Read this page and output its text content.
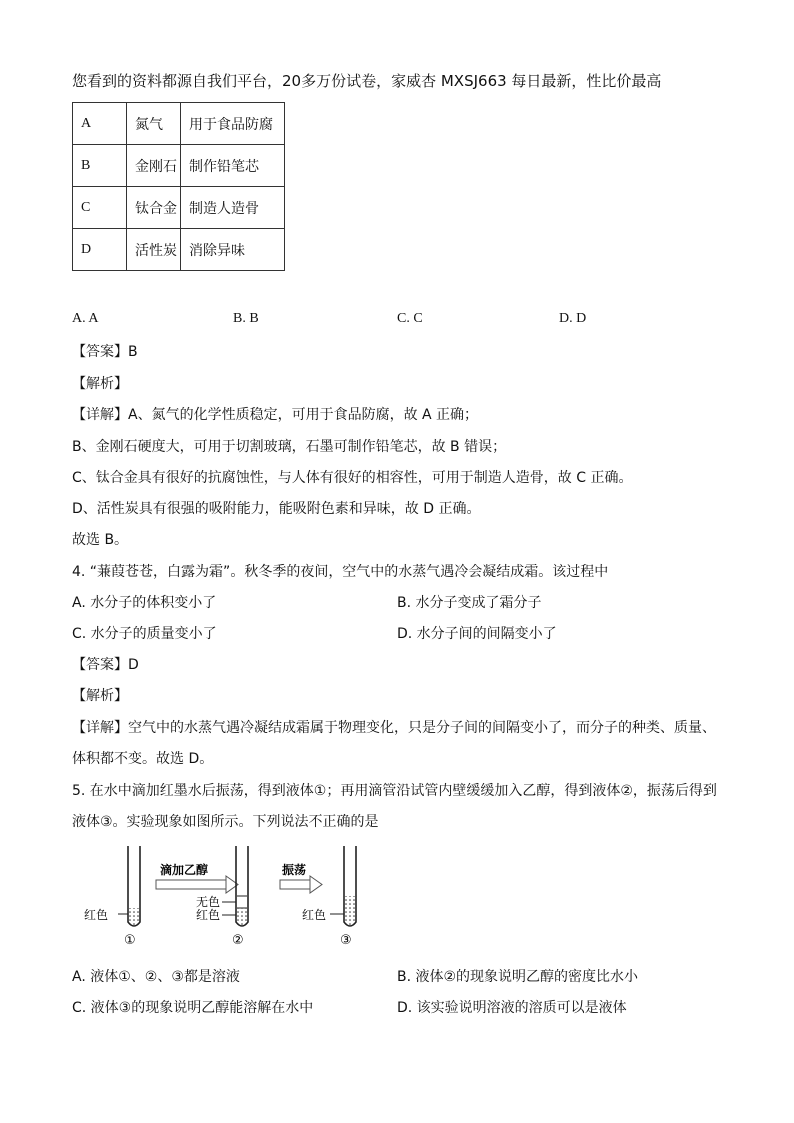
您看到的资料都源自我们平台，20多万份试卷，家威杏 MXSJ663 每日最新，性比价最高
A	氮气	用于食品防腐
B	金刚石	制作铅笔芯
C	钛合金	制造人造骨
D	活性炭	消除异味
A. A	B. B	C. C	D. D
【答案】B
【解析】
【详解】A、氮气的化学性质稳定，可用于食品防腐，故 A 正确；
B、金刚石硬度大，可用于切割玻璃，石墨可制作铅笔芯，故 B 错误；
C、钛合金具有很好的抗腐蚀性，与人体有很好的相容性，可用于制造人造骨，故 C 正确。
D、活性炭具有很强的吸附能力，能吸附色素和异味，故 D 正确。
故选 B。
4. “蒹葭苍苍，白露为霜”。秋冬季的夜间，空气中的水蒸气遇冷会凝结成霜。该过程中
A. 水分子的体积变小了	B. 水分子变成了霜分子
C. 水分子的质量变小了	D. 水分子间的间隔变小了
【答案】D
【解析】
【详解】空气中的水蒸气遇冷凝结成霜属于物理变化，只是分子间的间隔变小了，而分子的种类、质量、
体积都不变。故选 D。
5. 在水中滴加红墨水后振荡，得到液体①；再用滴管沿试管内壁缓缓加入乙醇，得到液体②，振荡后得到
液体③。实验现象如图所示。下列说法不正确的是
红色
①
滴加乙醇
无色
红色
②
振荡
红色
③
A. 液体①、②、③都是溶液	B. 液体②的现象说明乙醇的密度比水小
C. 液体③的现象说明乙醇能溶解在水中	D. 该实验说明溶液的溶质可以是液体
